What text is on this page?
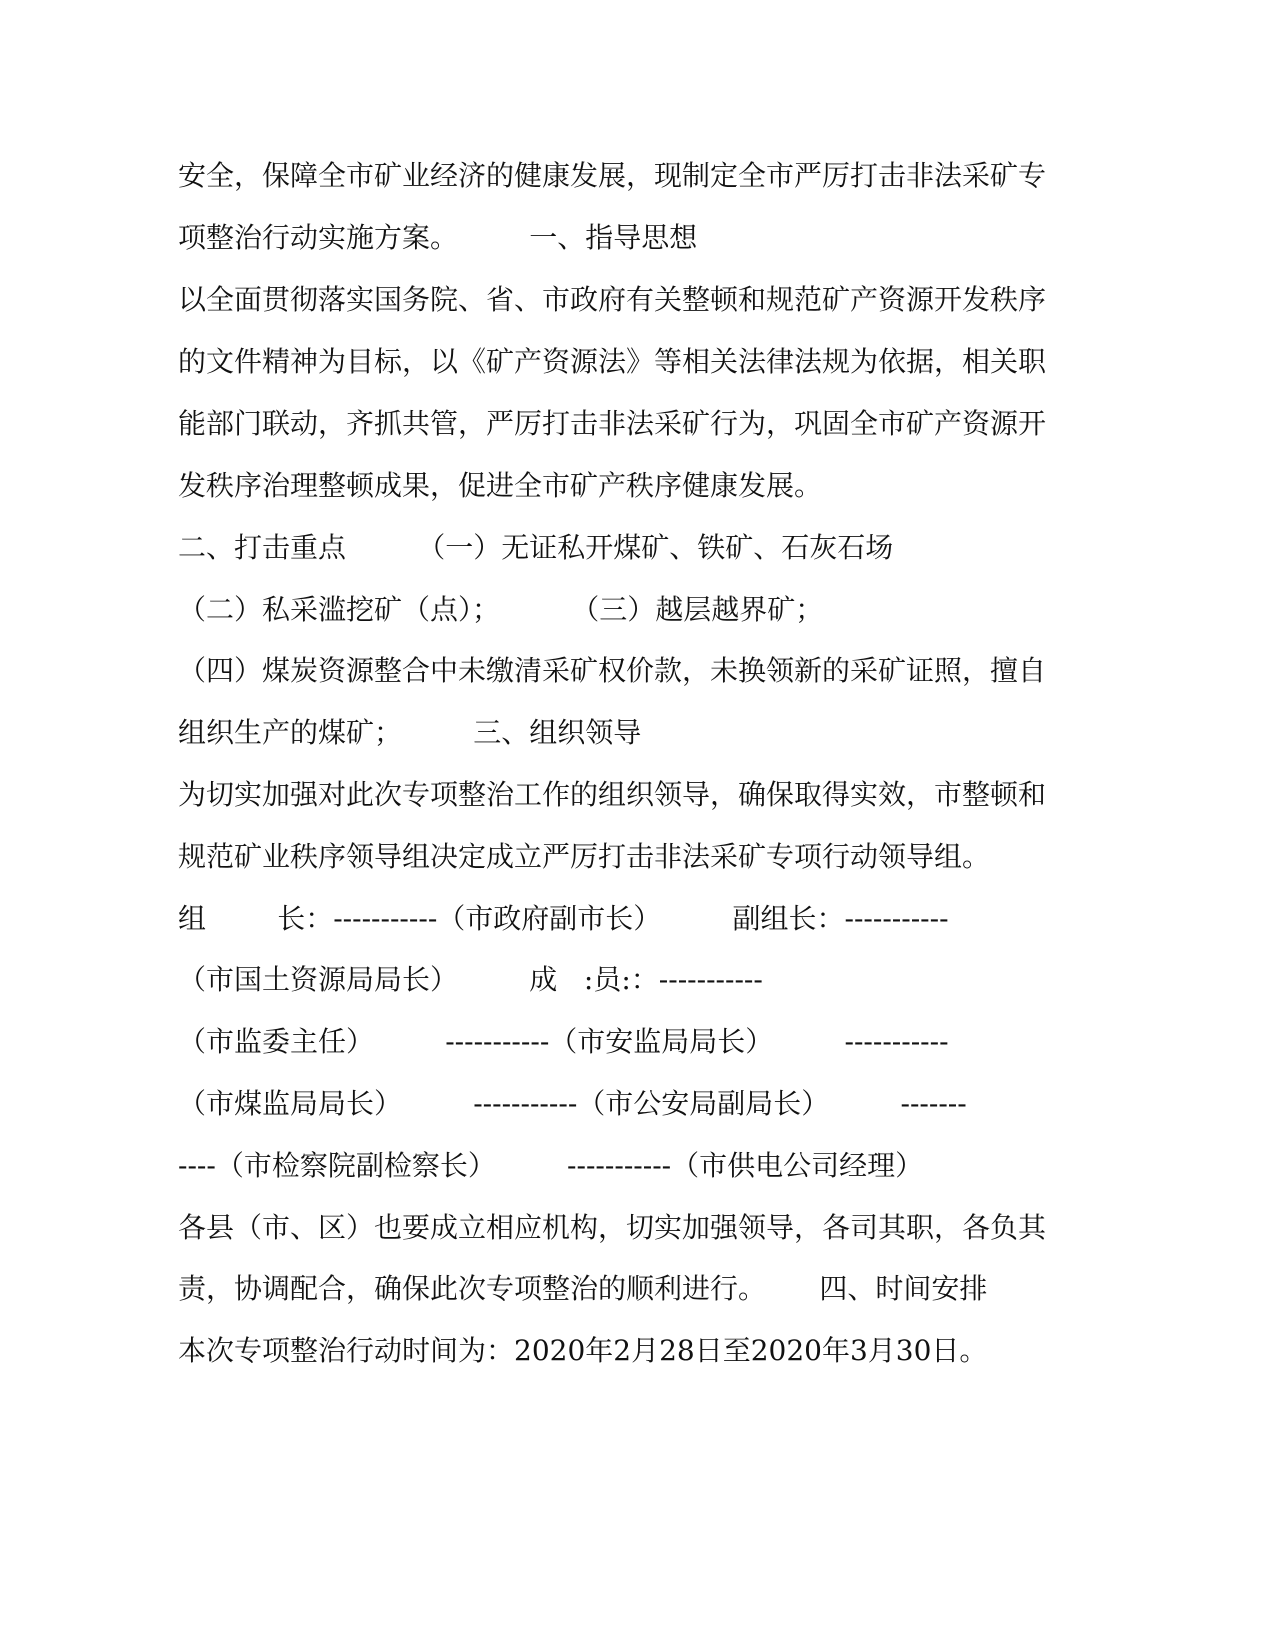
安全，保障全市矿业经济的健康发展，现制定全市严厉打击非法采矿专
项整治行动实施方案。        一、指导思想
以全面贯彻落实国务院、省、市政府有关整顿和规范矿产资源开发秩序
的文件精神为目标，以《矿产资源法》等相关法律法规为依据，相关职
能部门联动，齐抓共管，严厉打击非法采矿行为，巩固全市矿产资源开
发秩序治理整顿成果，促进全市矿产秩序健康发展。
二、打击重点        （一）无证私开煤矿、铁矿、石灰石场
（二）私采滥挖矿（点）；        （三）越层越界矿；
（四）煤炭资源整合中未缴清采矿权价款，未换领新的采矿证照，擅自
组织生产的煤矿；        三、组织领导
为切实加强对此次专项整治工作的组织领导，确保取得实效，市整顿和
规范矿业秩序领导组决定成立严厉打击非法采矿专项行动领导组。
组        长：-----------（市政府副市长）        副组长：-----------
（市国土资源局局长）        成   :员:：-----------
（市监委主任）        -----------（市安监局局长）        -----------
（市煤监局局长）        -----------（市公安局副局长）        -------
----（市检察院副检察长）        -----------（市供电公司经理）
各县（市、区）也要成立相应机构，切实加强领导，各司其职，各负其
责，协调配合，确保此次专项整治的顺利进行。      四、时间安排
本次专项整治行动时间为：2020年2月28日至2020年3月30日。
